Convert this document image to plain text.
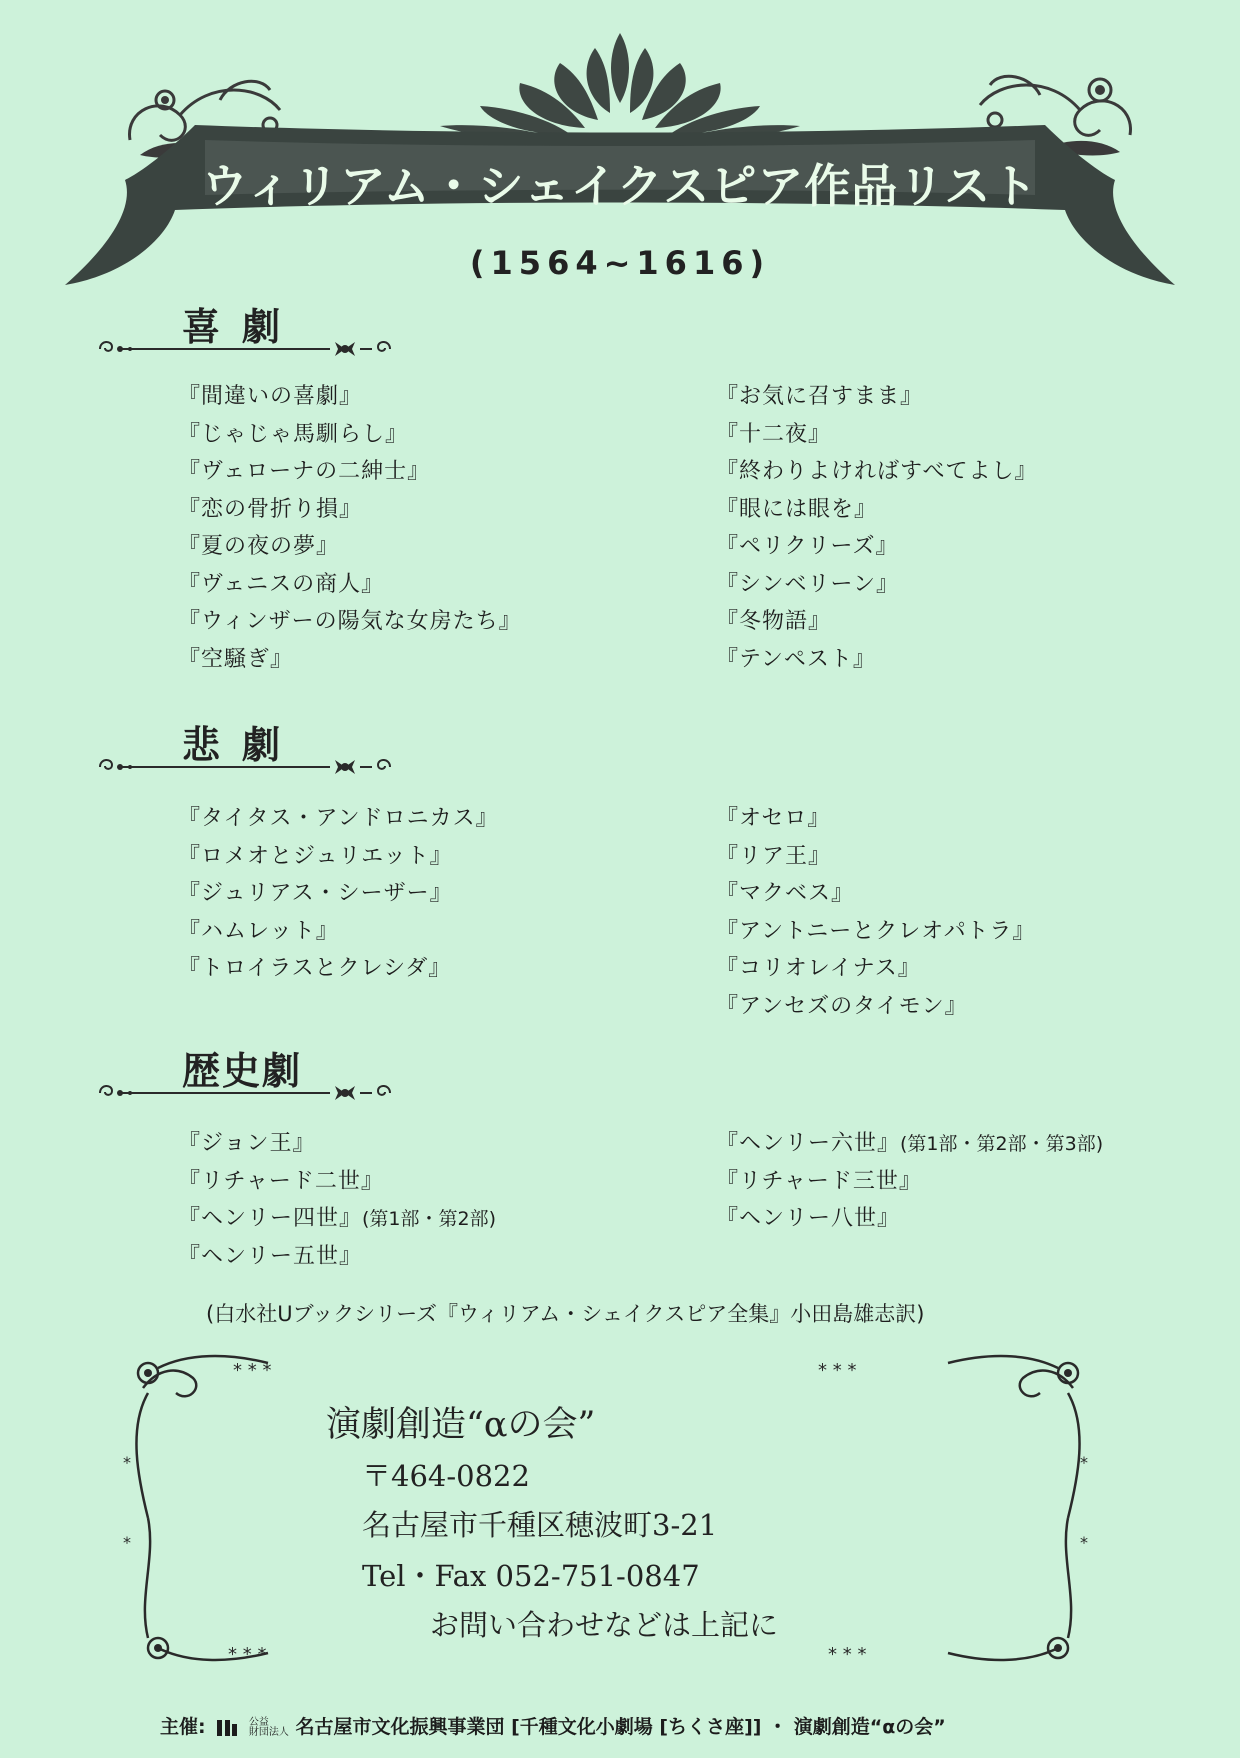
ウィリアム・シェイクスピア作品リスト
(1564~1616)
喜劇
『間違いの喜劇』
『じゃじゃ馬馴らし』
『ヴェローナの二紳士』
『恋の骨折り損』
『夏の夜の夢』
『ヴェニスの商人』
『ウィンザーの陽気な女房たち』
『空騒ぎ』
『お気に召すまま』
『十二夜』
『終わりよければすべてよし』
『眼には眼を』
『ペリクリーズ』
『シンベリーン』
『冬物語』
『テンペスト』
悲劇
『タイタス・アンドロニカス』
『ロメオとジュリエット』
『ジュリアス・シーザー』
『ハムレット』
『トロイラスとクレシダ』
『オセロ』
『リア王』
『マクベス』
『アントニーとクレオパトラ』
『コリオレイナス』
『アンセズのタイモン』
歴史劇
『ジョン王』
『リチャード二世』
『ヘンリー四世』(第1部・第2部)
『ヘンリー五世』
『ヘンリー六世』(第1部・第2部・第3部)
『リチャード三世』
『ヘンリー八世』
(白水社Uブックシリーズ『ウィリアム・シェイクスピア全集』小田島雄志訳)
* * *	* * *
* * *	* * *
*
*
*
*
演劇創造“αの会”
〒464-0822
名古屋市千種区穂波町3-21
Tel・Fax 052-751-0847
お問い合わせなどは上記に
主催:	公益
財団法人 名古屋市文化振興事業団 [千種文化小劇場 [ちくさ座]] ・ 演劇創造“αの会”
